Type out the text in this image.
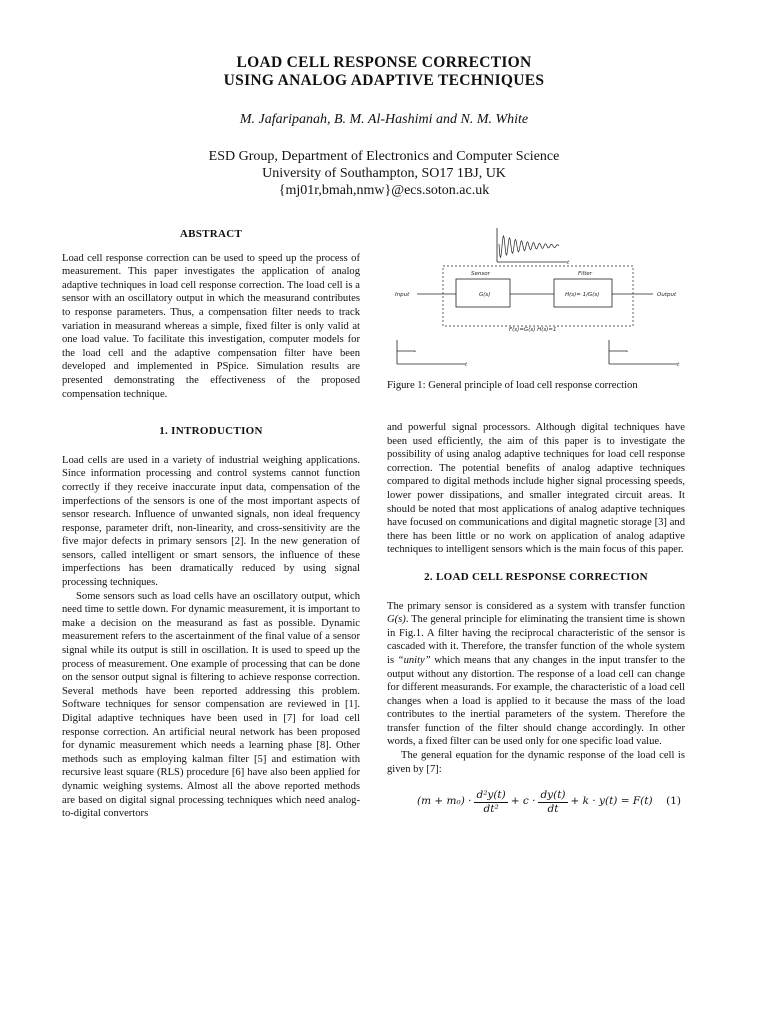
LOAD CELL RESPONSE CORRECTION
USING ANALOG ADAPTIVE TECHNIQUES
M. Jafaripanah, B. M. Al-Hashimi and N. M. White
ESD Group, Department of Electronics and Computer Science
University of Southampton, SO17 1BJ, UK
{mj01r,bmah,nmw}@ecs.soton.ac.uk
ABSTRACT

Load cell response correction can be used to speed up the process of measurement. This paper investigates the application of analog adaptive techniques in load cell response correction. The load cell is a sensor with an oscillatory output in which the measurand contributes to response parameters. Thus, a compensation filter needs to track variation in measurand whereas a simple, fixed filter is only valid at one load value. To facilitate this investigation, computer models for the load cell and the adaptive compensation filter have been developed and implemented in PSpice. Simulation results are presented demonstrating the effectiveness of the proposed compensation technique.

1. INTRODUCTION

Load cells are used in a variety of industrial weighing applications. Since information processing and control systems cannot function correctly if they receive inaccurate input data, compensation of the imperfections of the sensors is one of the most important aspects of sensor research. Influence of unwanted signals, non ideal frequency response, parameter drift, non-linearity, and cross-sensitivity are the five major defects in primary sensors [2]. In the new generation of sensors, called intelligent or smart sensors, the influence of these imperfections has been dramatically reduced by using signal processing techniques.

Some sensors such as load cells have an oscillatory output, which need time to settle down. For dynamic measurement, it is important to make a decision on the measurand as fast as possible. Dynamic measurement refers to the ascertainment of the final value of a sensor signal while its output is still in oscillation. It is used to speed up the process of measurement. One example of processing that can be done on the sensor output signal is filtering to achieve response correction. Several methods have been reported addressing this problem. Software techniques for sensor compensation are reviewed in [1]. Digital adaptive techniques have been used in [7] for load cell response correction. An artificial neural network has been proposed for dynamic measurement which needs a learning phase [8]. Other methods such as employing kalman filter [5] and estimation with recursive least square (RLS) procedure [6] have also been applied for dynamic weighing systems. Almost all the above reported methods are based on digital signal processing techniques which need analog-to-digital convertors

t
Sensor	Filter
G(s)	H(s)= 1/G(s)
Input	Output
F(s)=G(s) H(s)=1
t	t
Figure 1: General principle of load cell response correction

and powerful signal processors. Although digital techniques have been used efficiently, the aim of this paper is to investigate the possibility of using analog adaptive techniques for load cell response correction. The potential benefits of analog adaptive techniques compared to digital methods include higher signal processing speeds, lower power dissipations, and smaller integrated circuit areas. It should be noted that most applications of analog adaptive techniques have focused on communications and digital magnetic storage [3] and there has been little or no work on application of analog adaptive techniques to intelligent sensors which is the main focus of this paper.

2. LOAD CELL RESPONSE CORRECTION

The primary sensor is considered as a system with transfer function G(s). The general principle for eliminating the transient time is shown in Fig.1. A filter having the reciprocal characteristic of the sensor is cascaded with it. Therefore, the transfer function of the whole system is “unity” which means that any changes in the input transfer to the output without any distortion. The response of a load cell can change for different measurands. For example, the characteristic of a load cell changes when a load is applied to it because the mass of the load contributes to the inertial parameters of the system. Therefore the transfer function of the filter should change accordingly. In other words, a fixed filter can be used only for one specific load value.

The general equation for the dynamic response of the load cell is given by [7]:

$(m + m_0) \cdot \frac{\text{d²y(t)}}{\text{dt²}} + c \cdot \frac{dy(t)}{dt} + k \cdot y(t) = F(t)$ (1)
